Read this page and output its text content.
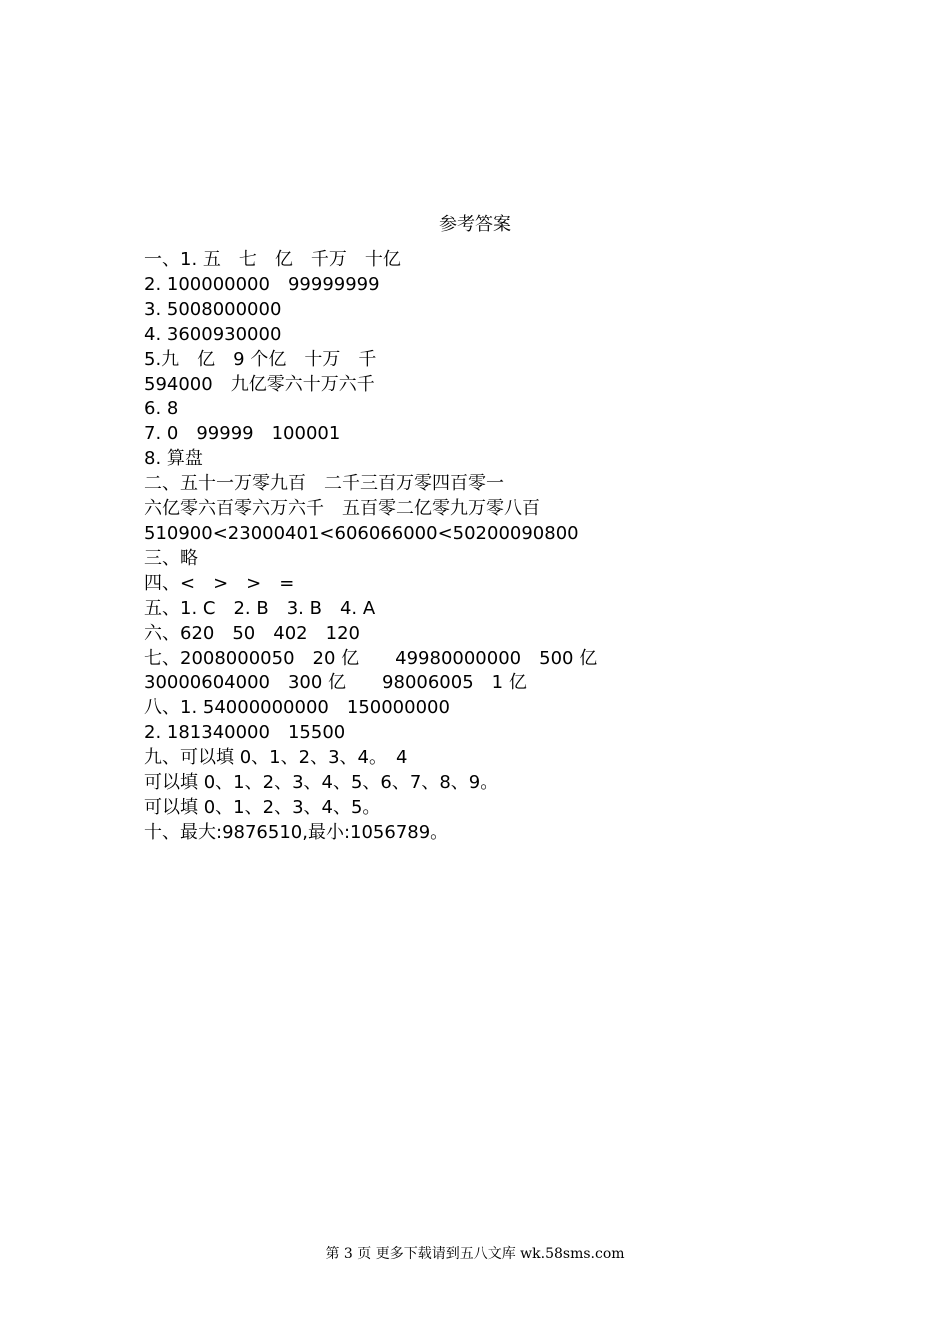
参考答案
一、1. 五　七　亿　千万　十亿
2. 100000000　99999999
3. 5008000000
4. 3600930000
5.九　亿　9 个亿　十万　千
594000　九亿零六十万六千
6. 8
7. 0　99999　100001
8. 算盘
二、五十一万零九百　二千三百万零四百零一
六亿零六百零六万六千　五百零二亿零九万零八百
510900<23000401<606066000<50200090800
三、略
四、<　>　>　=
五、1. C　2. B　3. B　4. A
六、620　50　402　120
七、2008000050　20 亿　　49980000000　500 亿
30000604000　300 亿　　98006005　1 亿
八、1. 54000000000　150000000
2. 181340000　15500
九、可以填 0、1、2、3、4。　4
可以填 0、1、2、3、4、5、6、7、8、9。
可以填 0、1、2、3、4、5。
十、最大:9876510,最小:1056789。
第 3 页 更多下载请到五八文库 wk.58sms.com
